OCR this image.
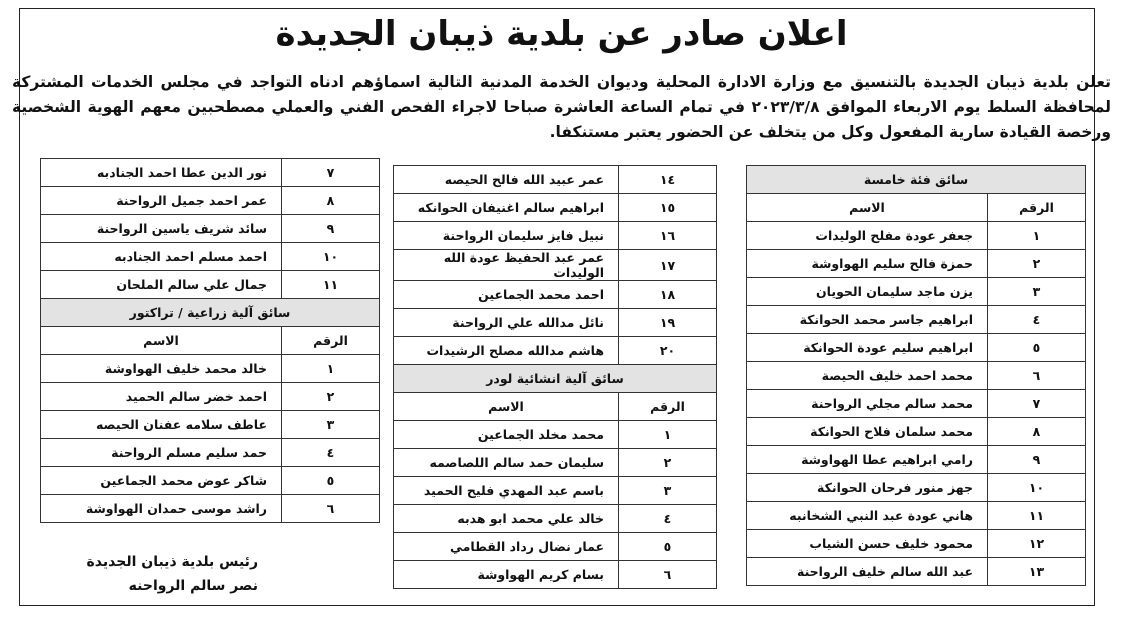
اعلان صادر عن بلدية ذيبان الجديدة
تعلن بلدية ذيبان الجديدة بالتنسيق مع وزارة الادارة المحلية وديوان الخدمة المدنية التالية اسماؤهم ادناه التواجد في مجلس الخدمات المشتركة لمحافظة السلط يوم الاربعاء الموافق ٢٠٢٣/٣/٨ في تمام الساعة العاشرة صباحا لاجراء الفحص الفني والعملي مصطحبين معهم الهوية الشخصية ورخصة القيادة سارية المفعول وكل من يتخلف عن الحضور يعتبر مستنكفا.
سائق فئة خامسة	
الرقم	الاسم
١	جعفر عودة مفلح الوليدات
٢	حمزة فالح سليم الهواوشة
٣	يزن ماجد سليمان الحويان
٤	ابراهيم جاسر محمد الحوانكة
٥	ابراهيم سليم عودة الحوانكة
٦	محمد احمد خليف الحيصة
٧	محمد سالم مجلي الرواحنة
٨	محمد سلمان فلاح الحوانكة
٩	رامي ابراهيم عطا الهواوشة
١٠	جهز منور فرحان الحوانكة
١١	هاني عودة عبد النبي الشخانبه
١٢	محمود خليف حسن الشياب
١٣	عبد الله سالم خليف الرواحنة
١٤	عمر عبيد الله فالح الحيصه
١٥	ابراهيم سالم اغنيفان الحوانكه
١٦	نبيل فايز سليمان الرواحنة
١٧	عمر عبد الحفيظ عودة الله الوليدات
١٨	احمد محمد الجماعين
١٩	نائل مدالله علي الرواحنة
٢٠	هاشم مدالله مصلح الرشيدات
سائق آلية انشائية لودر	
الرقم	الاسم
١	محمد مخلد الجماعين
٢	سليمان حمد سالم اللصاصمه
٣	باسم عبد المهدي فليح الحميد
٤	خالد علي محمد ابو هدبه
٥	عمار نضال رداد القطامي
٦	بسام كريم الهواوشة
٧	نور الدين عطا احمد الجنادبه
٨	عمر احمد جميل الرواحنة
٩	سائد شريف ياسين الرواحنة
١٠	احمد مسلم احمد الجنادبه
١١	جمال علي سالم الملحان
سائق آلية زراعية / تراكتور	
الرقم	الاسم
١	خالد محمد خليف الهواوشة
٢	احمد خضر سالم الحميد
٣	عاطف سلامه عفنان الحيصه
٤	حمد سليم مسلم الرواحنة
٥	شاكر عوض محمد الجماعين
٦	راشد موسى حمدان الهواوشة
رئيس بلدية ذيبان الجديدة
نصر سالم الرواحنه
